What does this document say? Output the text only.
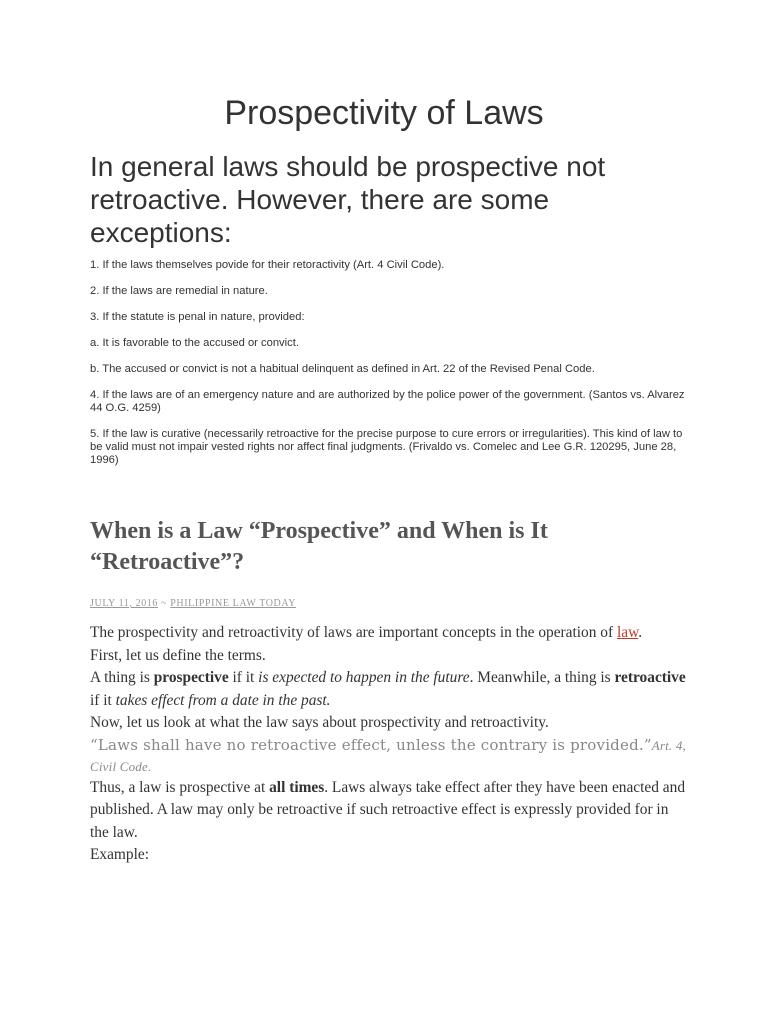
Prospectivity of Laws
In general laws should be prospective not retroactive. However, there are some exceptions:
1. If the laws themselves povide for their retoractivity (Art. 4 Civil Code).
2. If the laws are remedial in nature.
3. If the statute is penal in nature, provided:
a. It is favorable to the accused or convict.
b. The accused or convict is not a habitual delinquent as defined in Art. 22 of the Revised Penal Code.
4. If the laws are of an emergency nature and are authorized by the police power of the government. (Santos vs. Alvarez 44 O.G. 4259)
5. If the law is curative (necessarily retroactive for the precise purpose to cure errors or irregularities). This kind of law to be valid must not impair vested rights nor affect final judgments. (Frivaldo vs. Comelec and Lee G.R. 120295, June 28, 1996)
When is a Law “Prospective” and When is It “Retroactive”?

JULY 11, 2016 ~ PHILIPPINE LAW TODAY

The prospectivity and retroactivity of laws are important concepts in the operation of law.

First, let us define the terms.

A thing is prospective if it is expected to happen in the future. Meanwhile, a thing is retroactive if it takes effect from a date in the past.

Now, let us look at what the law says about prospectivity and retroactivity.

“Laws shall have no retroactive effect, unless the contrary is provided.”Art. 4, Civil Code.

Thus, a law is prospective at all times. Laws always take effect after they have been enacted and published. A law may only be retroactive if such retroactive effect is expressly provided for in the law.

Example:
